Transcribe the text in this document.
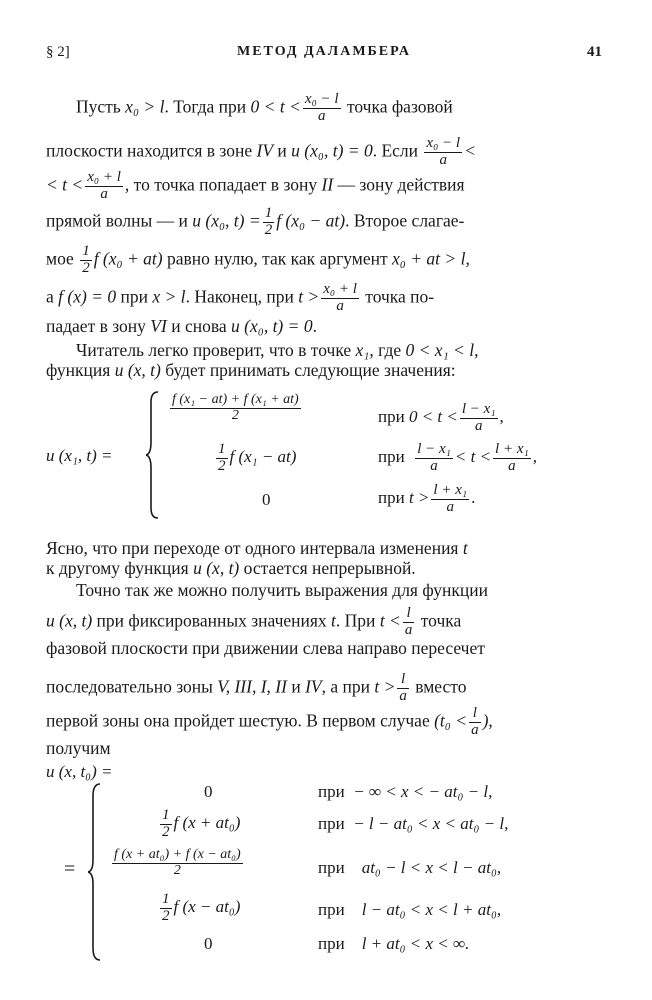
§ 2]	МЕТОД ДАЛАМБЕРА	41
Пусть x₀ > l. Тогда при $0 < t < \frac{\text{x₀ − l}}{a}$ точка фазовой
плоскости находится в зоне IV и u (x₀, t) = 0. Если $\frac{\text{x₀ − l}}{a}$ <
< $t < \frac{\text{x₀ + l}}{a}$ , то точка попадает в зону II — зону действия
прямой волны — и u (x₀, $t) = \frac{1}{2}$ f (x₀ − at). Второе слагае-
мое $\frac{1}{2}$ f (x₀ + at) равно нулю, так как аргумент x₀ + at > l,
а f (x) = 0 при x > l. Наконец, при $t > \frac{\text{x₀ + l}}{a}$ точка по-
падает в зону VI и снова u (x₀, t) = 0.
Читатель легко проверит, что в точке x₁, где 0 < x₁ < l,
функция u (x, t) будет принимать следующие значения:
u (x₁, t) =
$\frac{\text{f (x₁ − at) + f (x₁ + at)}}{2}$	при $0 < t < \frac{\text{l − x₁}}{a}$ ,
$\frac{1}{2}$ f (x₁ − at)	при $\frac{\text{l − x₁}}{a} < t < \frac{\text{l + x₁}}{a}$ ,
0	при $t > \frac{\text{l + x₁}}{a}$ .
Ясно, что при переходе от одного интервала изменения t
к другому функция u (x, t) остается непрерывной.
Точно так же можно получить выражения для функции
u (x, t) при фиксированных значениях t. При $t < \frac{l}{a}$ точка
фазовой плоскости при движении слева направо пересечет
последовательно зоны V, III, I, II и IV, а при $t > \frac{l}{a}$ вместо
первой зоны она пройдет шестую. В первом случае ($t_0 < \frac{l}{a}$ ),
получим
u (x, t₀) =
=
0	при − ∞ < x < − at₀ − l,
$\frac{1}{2}$ f (x + at₀)	при − l − at₀ < x < at₀ − l,
$\frac{\text{f (x + at₀) + f (x − at₀)}}{2}$	при at₀ − l < x < l − at₀,
$\frac{1}{2}$ f (x − at₀)	при l − at₀ < x < l + at₀,
0	при l + at₀ < x < ∞.
